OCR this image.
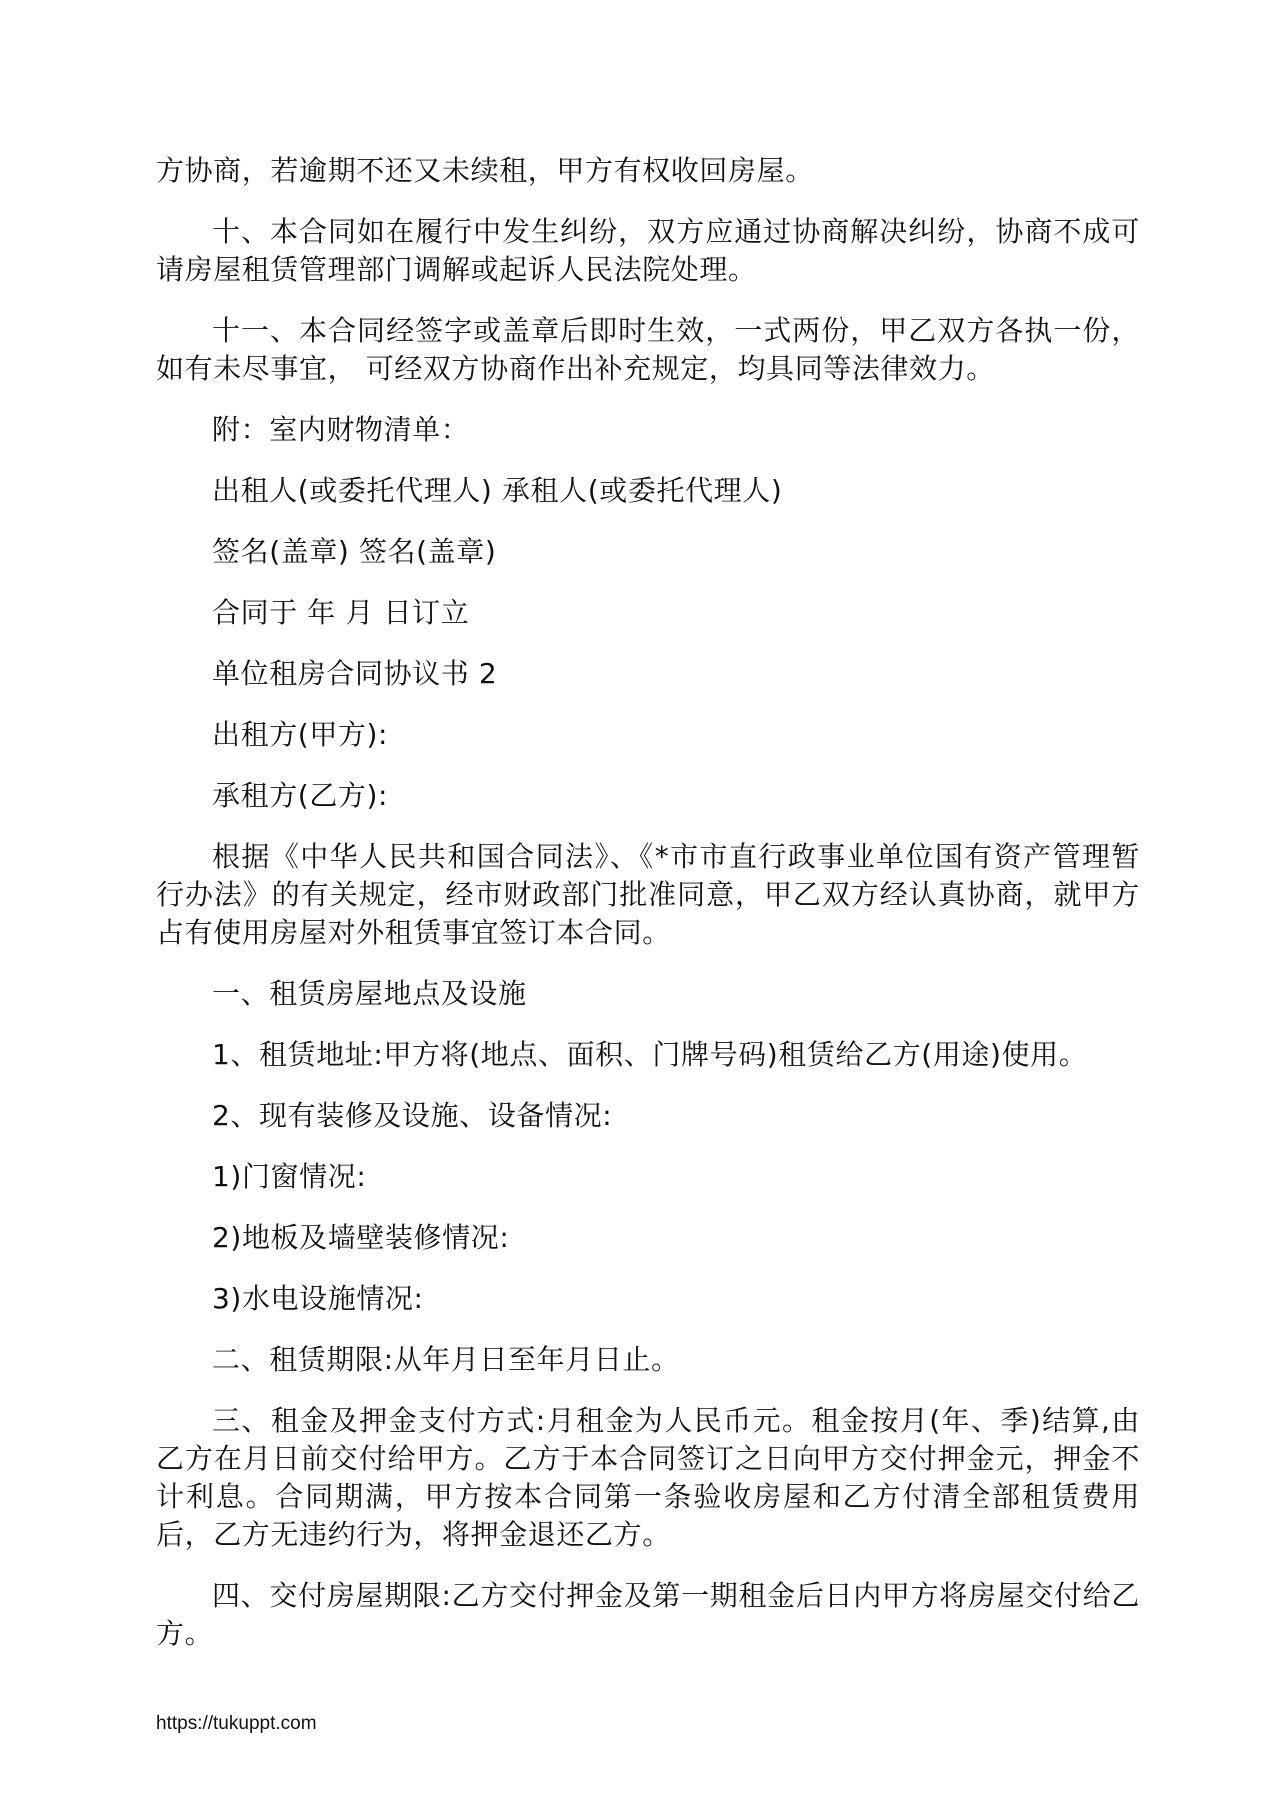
方协商，若逾期不还又未续租，甲方有权收回房屋。

十、本合同如在履行中发生纠纷，双方应通过协商解决纠纷，协商不成可请房屋租赁管理部门调解或起诉人民法院处理。

十一、本合同经签字或盖章后即时生效，一式两份，甲乙双方各执一份，如有未尽事宜， 可经双方协商作出补充规定，均具同等法律效力。

附：室内财物清单：

出租人(或委托代理人) 承租人(或委托代理人)

签名(盖章) 签名(盖章)

合同于 年 月 日订立

单位租房合同协议书 2

出租方(甲方):

承租方(乙方):

根据《中华人民共和国合同法》、《*市市直行政事业单位国有资产管理暂行办法》的有关规定，经市财政部门批准同意，甲乙双方经认真协商，就甲方占有使用房屋对外租赁事宜签订本合同。

一、租赁房屋地点及设施

1、租赁地址:甲方将(地点、面积、门牌号码)租赁给乙方(用途)使用。

2、现有装修及设施、设备情况:

1)门窗情况:

2)地板及墙壁装修情况:

3)水电设施情况:

二、租赁期限:从年月日至年月日止。

三、租金及押金支付方式:月租金为人民币元。租金按月(年、季)结算,由乙方在月日前交付给甲方。乙方于本合同签订之日向甲方交付押金元，押金不计利息。合同期满，甲方按本合同第一条验收房屋和乙方付清全部租赁费用后，乙方无违约行为，将押金退还乙方。

四、交付房屋期限:乙方交付押金及第一期租金后日内甲方将房屋交付给乙方。

https://tukuppt.com
